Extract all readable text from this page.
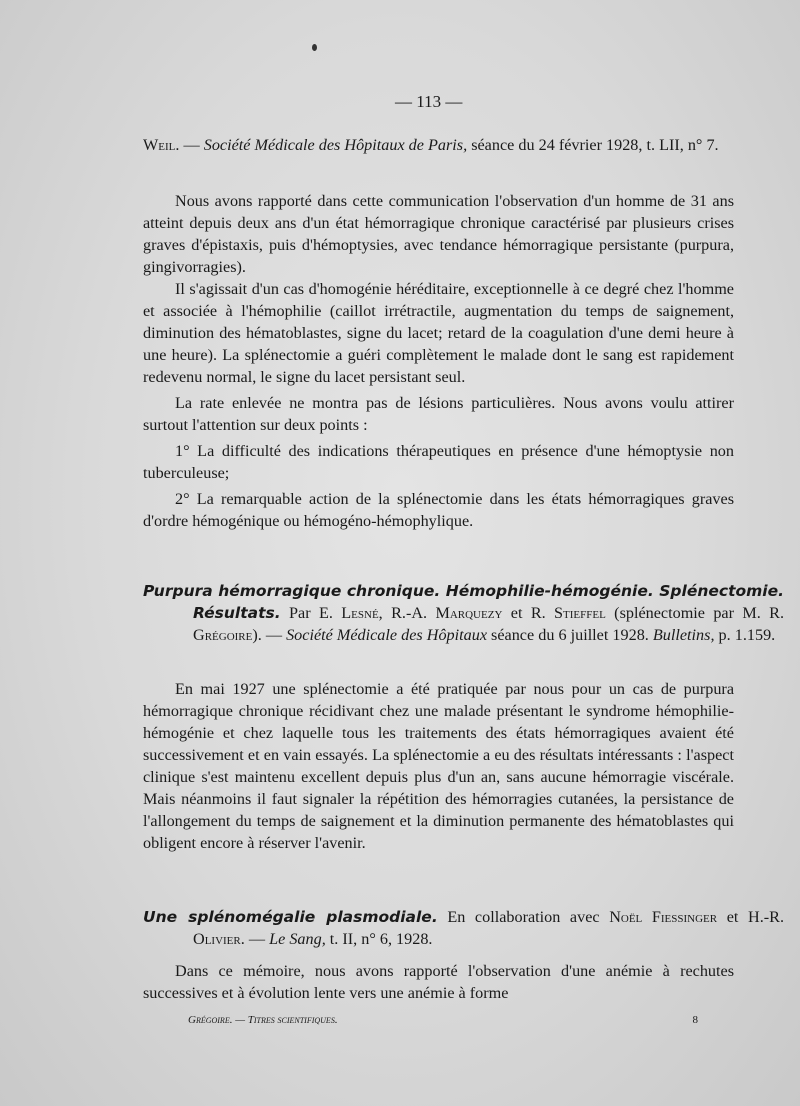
— 113 —
Weil. — Société Médicale des Hôpitaux de Paris, séance du 24 février 1928, t. LII, n° 7.

Nous avons rapporté dans cette communication l'observation d'un homme de 31 ans atteint depuis deux ans d'un état hémorragique chronique caractérisé par plusieurs crises graves d'épistaxis, puis d'hémoptysies, avec tendance hémorragique persistante (purpura, gingivorragies).

Il s'agissait d'un cas d'homogénie héréditaire, exceptionnelle à ce degré chez l'homme et associée à l'hémophilie (caillot irrétractile, augmentation du temps de saignement, diminution des hématoblastes, signe du lacet; retard de la coagulation d'une demi heure à une heure). La splénectomie a guéri complètement le malade dont le sang est rapidement redevenu normal, le signe du lacet persistant seul.

La rate enlevée ne montra pas de lésions particulières. Nous avons voulu attirer surtout l'attention sur deux points :

1° La difficulté des indications thérapeutiques en présence d'une hémoptysie non tuberculeuse;

2° La remarquable action de la splénectomie dans les états hémorragiques graves d'ordre hémogénique ou hémogéno-hémophylique.

Purpura hémorragique chronique. Hémophilie-hémogénie. Splénectomie. Résultats. Par E. Lesné, R.-A. Marquezy et R. Stieffel (splénectomie par M. R. Grégoire). — Société Médicale des Hôpitaux séance du 6 juillet 1928. Bulletins, p. 1.159.

En mai 1927 une splénectomie a été pratiquée par nous pour un cas de purpura hémorragique chronique récidivant chez une malade présentant le syndrome hémophilie-hémogénie et chez laquelle tous les traitements des états hémorragiques avaient été successivement et en vain essayés. La splénectomie a eu des résultats intéressants : l'aspect clinique s'est maintenu excellent depuis plus d'un an, sans aucune hémorragie viscérale. Mais néanmoins il faut signaler la répétition des hémorragies cutanées, la persistance de l'allongement du temps de saignement et la diminution permanente des hématoblastes qui obligent encore à réserver l'avenir.

Une splénomégalie plasmodiale. En collaboration avec Noël Fiessinger et H.-R. Olivier. — Le Sang, t. II, n° 6, 1928.

Dans ce mémoire, nous avons rapporté l'observation d'une anémie à rechutes successives et à évolution lente vers une anémie à forme

Grégoire. — Titres scientifiques.	8
